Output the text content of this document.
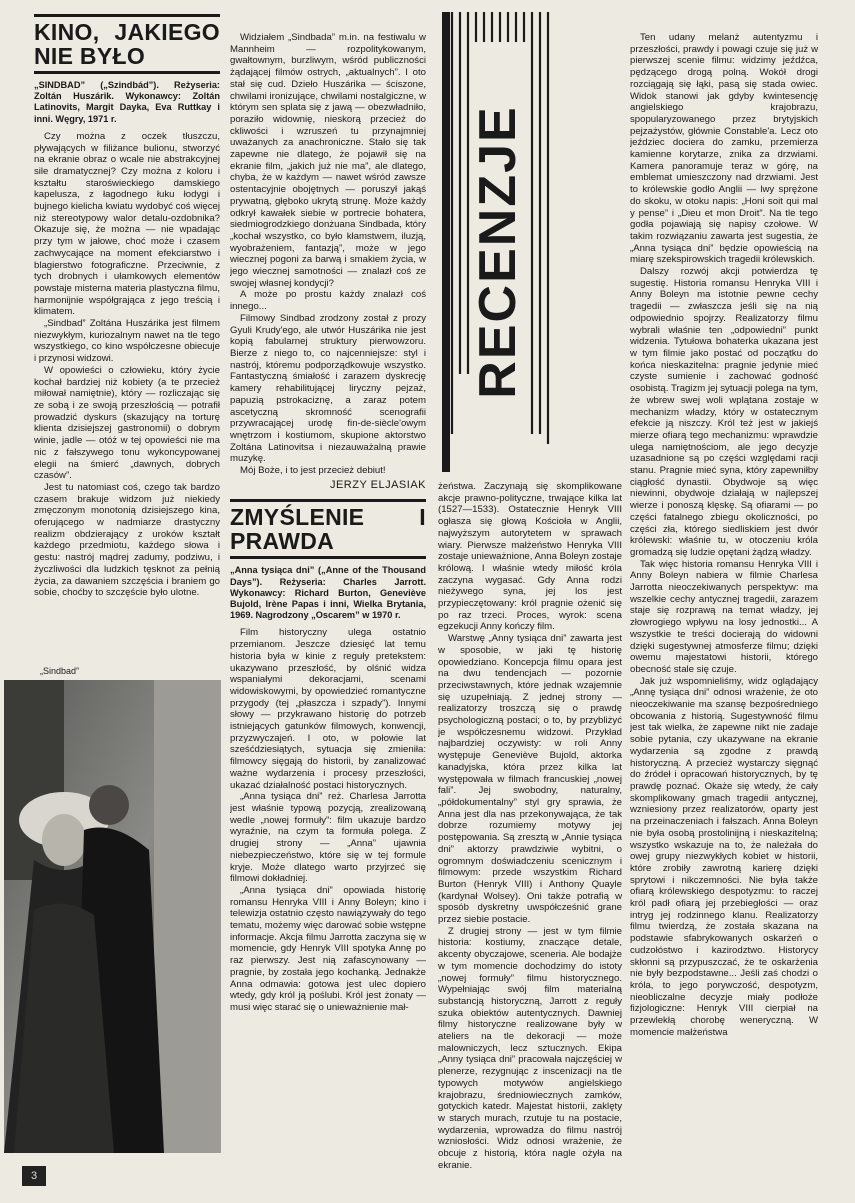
KINO, JAKIEGO NIE BYŁO
„SINDBAD” („Szindbád”). Reżyseria: Zoltán Huszárik. Wykonawcy: Zoltán Latinovits, Margit Dayka, Eva Ruttkay i inni. Węgry, 1971 r.

Czy można z oczek tłuszczu, pływających w filiżance bulionu, stworzyć na ekranie obraz o wcale nie abstrakcyjnej sile dramatycznej? Czy można z koloru i kształtu staroświeckiego damskiego kapelusza, z łagodnego łuku łodygi i bujnego kielicha kwiatu wydobyć coś więcej niż stereotypowy walor detalu-ozdobnika? Okazuje się, że można — nie wpadając przy tym w jałowe, choć może i czasem zachwycające na moment efekciarstwo i blagierstwo fotograficzne. Przeciwnie, z tych drobnych i ułamkowych elementów powstaje misterna materia plastyczna filmu, harmonijnie współgrająca z jego treścią i klimatem.

„Sindbad” Zoltána Huszárika jest filmem niezwykłym, kuriozalnym nawet na tle tego wszystkiego, co kino współczesne obiecuje i przynosi widzowi.

W opowieści o człowieku, który życie kochał bardziej niż kobiety (a te przecież miłował namiętnie), który — rozliczając się ze sobą i ze swoją przeszłością — potrafił prowadzić dyskurs (skazujący na torturę klienta dzisiejszej gastronomii) o dobrym winie, jadle — otóż w tej opowieści nie ma nic z fałszywego tonu wykoncypowanej elegii na śmierć „dawnych, dobrych czasów”.

Jest tu natomiast coś, czego tak bardzo czasem brakuje widzom już niekiedy zmęczonym monotonią dzisiejszego kina, oferującego w nadmiarze drastyczny realizm obdzierający z uroków kształt każdego przedmiotu, każdego słowa i gestu: nastrój mądrej zadumy, podziwu, i życzliwości dla ludzkich tęsknot za pełnią życia, za dawaniem szczęścia i braniem go sobie, choćby to szczęście było ulotne.

„Sindbad”
3

Widziałem „Sindbada” m.in. na festiwalu w Mannheim — rozpolitykowanym, gwałtownym, burzliwym, wśród publiczności żądającej filmów ostrych, „aktualnych”. I oto stał się cud. Dzieło Huszárika — ściszone, chwilami ironizujące, chwilami nostalgiczne, w którym sen splata się z jawą — obezwładniło, poraziło widownię, nieskorą przecież do ckliwości i wzruszeń tu przynajmniej uważanych za anachroniczne. Stało się tak zapewne nie dlatego, że pojawił się na ekranie film, „jakich już nie ma”, ale dlatego, chyba, że w każdym — nawet wśród zawsze ostentacyjnie obojętnych — poruszył jakąś prywatną, głęboko ukrytą strunę. Może każdy odkrył kawałek siebie w portrecie bohatera, siedmiogrodzkiego donżuana Sindbada, który „kochał wszystko, co było kłamstwem, iluzją, wyobrażeniem, fantazją”, może w jego wiecznej pogoni za barwą i smakiem życia, w jego wiecznej samotności — znalazł coś ze swojej własnej kondycji?

A może po prostu każdy znalazł coś innego...

Filmowy Sindbad zrodzony został z prozy Gyuli Krudy'ego, ale utwór Huszárika nie jest kopią fabularnej struktury pierwowzoru. Bierze z niego to, co najcenniejsze: styl i nastrój, któremu podporządkowuje wszystko. Fantastyczną śmiałość i zarazem dyskrecję kamery rehabilitującej liryczny pejzaż, papuzią pstrokaciznę, a zaraz potem ascetyczną skromność scenografii przywracającej urodę fin-de-siècle'owym wnętrzom i kostiumom, skupione aktorstwo Zoltána Latinovitsa i niezauważalną prawie muzykę.

Mój Boże, i to jest przecież debiut!

JERZY ELJASIAK
ZMYŚLENIE I PRAWDA
„Anna tysiąca dni” („Anne of the Thousand Days”). Reżyseria: Charles Jarrott. Wykonawcy: Richard Burton, Geneviève Bujold, Irène Papas i inni, Wielka Brytania, 1969. Nagrodzony „Oscarem” w 1970 r.

Film historyczny ulega ostatnio przemianom. Jeszcze dziesięć lat temu historia była w kinie z reguły pretekstem: ukazywano przeszłość, by olśnić widza wspaniałymi dekoracjami, scenami widowiskowymi, by opowiedzieć romantyczne przygody (tej „płaszcza i szpady”). Innymi słowy — przykrawano historię do potrzeb istniejących gatunków filmowych, konwencji, przyzwyczajeń. I oto, w połowie lat sześćdziesiątych, sytuacja się zmieniła: filmowcy sięgają do historii, by zanalizować ważne wydarzenia i procesy przeszłości, ukazać działalność postaci historycznych.

„Anna tysiąca dni” reż. Charlesa Jarrotta jest właśnie typową pozycją, zrealizowaną wedle „nowej formuły”: film ukazuje bardzo wyraźnie, na czym ta formuła polega. Z drugiej strony — „Anna” ujawnia niebezpieczeństwo, które się w tej formule kryje. Może dlatego warto przyjrzeć się filmowi dokładniej.

„Anna tysiąca dni” opowiada historię romansu Henryka VIII i Anny Boleyn; kino i telewizja ostatnio często nawiązywały do tego tematu, możemy więc darować sobie wstępne informacje. Akcja filmu Jarrotta zaczyna się w momencie, gdy Henryk VIII spotyka Annę po raz pierwszy. Jest nią zafascynowany — pragnie, by została jego kochanką. Jednakże Anna odmawia: gotowa jest ulec dopiero wtedy, gdy król ją poślubi. Król jest żonaty — musi więc starać się o unieważnienie mał-

RECENZJE

żeństwa. Zaczynają się skomplikowane akcje prawno-polityczne, trwające kilka lat (1527—1533). Ostatecznie Henryk VIII ogłasza się głową Kościoła w Anglii, najwyższym autorytetem w sprawach wiary. Pierwsze małżeństwo Henryka VIII zostaje unieważnione, Anna Boleyn zostaje królową. I właśnie wtedy miłość króla zaczyna wygasać. Gdy Anna rodzi nieżywego syna, jej los jest przypieczętowany: król pragnie ożenić się po raz trzeci. Proces, wyrok: scena egzekucji Anny kończy film.

Warstwę „Anny tysiąca dni” zawarta jest w sposobie, w jaki tę historię opowiedziano. Koncepcja filmu opara jest na dwu tendencjach — pozornie przeciwstawnych, które jednak wzajemnie się uzupełniają. Z jednej strony — realizatorzy troszczą się o prawdę psychologiczną postaci; o to, by przybliżyć je współczesnemu widzowi. Przykład najbardziej oczywisty: w roli Anny występuje Geneviève Bujold, aktorka kanadyjska, która przez kilka lat występowała w filmach francuskiej „nowej fali”. Jej swobodny, naturalny, „półdokumentalny” styl gry sprawia, że Anna jest dla nas przekonywająca, że tak dobrze rozumiemy motywy jej postępowania. Są zresztą w „Annie tysiąca dni” aktorzy prawdziwie wybitni, o ogromnym doświadczeniu scenicznym i filmowym: przede wszystkim Richard Burton (Henryk VIII) i Anthony Quayle (kardynał Wolsey). Oni także potrafią w sposób dyskretny uwspółcześnić grane przez siebie postacie.

Z drugiej strony — jest w tym filmie historia: kostiumy, znaczące detale, akcenty obyczajowe, sceneria. Ale bodajże w tym momencie dochodzimy do istoty „nowej formuły” filmu historycznego. Wypełniając swój film materialną substancją historyczną, Jarrott z reguły szuka obiektów autentycznych. Dawniej filmy historyczne realizowane były w ateliers na tle dekoracji — może malowniczych, lecz sztucznych. Ekipa „Anny tysiąca dni” pracowała najczęściej w plenerze, rezygnując z inscenizacji na tle typowych motywów angielskiego krajobrazu, średniowiecznych zamków, gotyckich katedr. Majestat historii, zaklęty w starych murach, rzutuje tu na postacie, wydarzenia, wprowadza do filmu nastrój wzniosłości. Widz odnosi wrażenie, że obcuje z historią, która nagle ożyła na ekranie.

Ten udany melanż autentyzmu i przeszłości, prawdy i powagi czuje się już w pierwszej scenie filmu: widzimy jeźdźca, pędzącego drogą polną. Wokół drogi rozciągają się łąki, pasą się stada owiec. Widok stanowi jak gdyby kwintesencję angielskiego krajobrazu, spopularyzowanego przez brytyjskich pejzażystów, głównie Constable'a. Lecz oto jeździec dociera do zamku, przemierza kamienne korytarze, znika za drzwiami. Kamera panoramuje teraz w górę, na emblemat umieszczony nad drzwiami. Jest to królewskie godło Anglii — lwy sprężone do skoku, w otoku napis: „Honi soit qui mal y pense” i „Dieu et mon Droit”. Na tle tego godła pojawiają się napisy czołowe. W takim rozwiązaniu zawarta jest sugestia, że „Anna tysiąca dni” będzie opowieścią na miarę szekspirowskich tragedii królewskich.

Dalszy rozwój akcji potwierdza tę sugestię. Historia romansu Henryka VIII i Anny Boleyn ma istotnie pewne cechy tragedii — zwłaszcza jeśli się na nią odpowiednio spojrzy. Realizatorzy filmu wybrali właśnie ten „odpowiedni” punkt widzenia. Tytułowa bohaterka ukazana jest w tym filmie jako postać od początku do końca nieskazitelna: pragnie jedynie mieć czyste sumienie i zachować godność osobistą. Tragizm jej sytuacji polega na tym, że wbrew swej woli wplątana zostaje w mechanizm władzy, który w ostatecznym efekcie ją niszczy. Król też jest w jakiejś mierze ofiarą tego mechanizmu: wprawdzie ulega namiętnościom, ale jego decyzje uzasadnione są po części względami racji stanu. Pragnie mieć syna, który zapewniłby ciągłość dynastii. Obydwoje są więc niewinni, obydwoje działają w najlepszej wierze i ponoszą klęskę. Są ofiarami — po części fatalnego zbiegu okoliczności, po części zła, którego siedliskiem jest dwór królewski: właśnie tu, w otoczeniu króla gromadzą się ludzie opętani żądzą władzy.

Tak więc historia romansu Henryka VIII i Anny Boleyn nabiera w filmie Charlesa Jarrotta nieoczekiwanych perspektyw: ma wszelkie cechy antycznej tragedii, zarazem staje się rozprawą na temat władzy, jej złowrogiego wpływu na losy jednostki... A wszystkie te treści docierają do widowni dzięki sugestywnej atmosferze filmu; dzięki owemu majestatowi historii, którego obecność stale się czuje.

Jak już wspomnieliśmy, widz oglądający „Annę tysiąca dni” odnosi wrażenie, że oto nieoczekiwanie ma szansę bezpośredniego obcowania z historią. Sugestywność filmu jest tak wielka, że zapewne nikt nie zadaje sobie pytania, czy ukazywane na ekranie wydarzenia są zgodne z prawdą historyczną. A przecież wystarczy sięgnąć do źródeł i opracowań historycznych, by tę prawdę poznać. Okaże się wtedy, że cały skomplikowany gmach tragedii antycznej, wzniesiony przez realizatorów, oparty jest na przeinaczeniach i fałszach. Anna Boleyn nie była osobą prostolinijną i nieskazitelną; wszystko wskazuje na to, że należała do owej grupy niezwykłych kobiet w historii, które zrobiły zawrotną karierę dzięki sprytowi i nikczemności. Nie była także ofiarą królewskiego despotyzmu: to raczej król padł ofiarą jej przebiegłości — oraz intryg jej rodzinnego klanu. Realizatorzy filmu twierdzą, że została skazana na podstawie sfabrykowanych oskarżeń o cudzołóstwo i kazirodztwo. Historycy skłonni są przypuszczać, że te oskarżenia nie były bezpodstawne... Jeśli zaś chodzi o króla, to jego porywczość, despotyzm, nieobliczalne decyzje miały podłoże fizjologiczne: Henryk VIII cierpiał na przewlekłą chorobę weneryczną. W momencie małżeństwa
